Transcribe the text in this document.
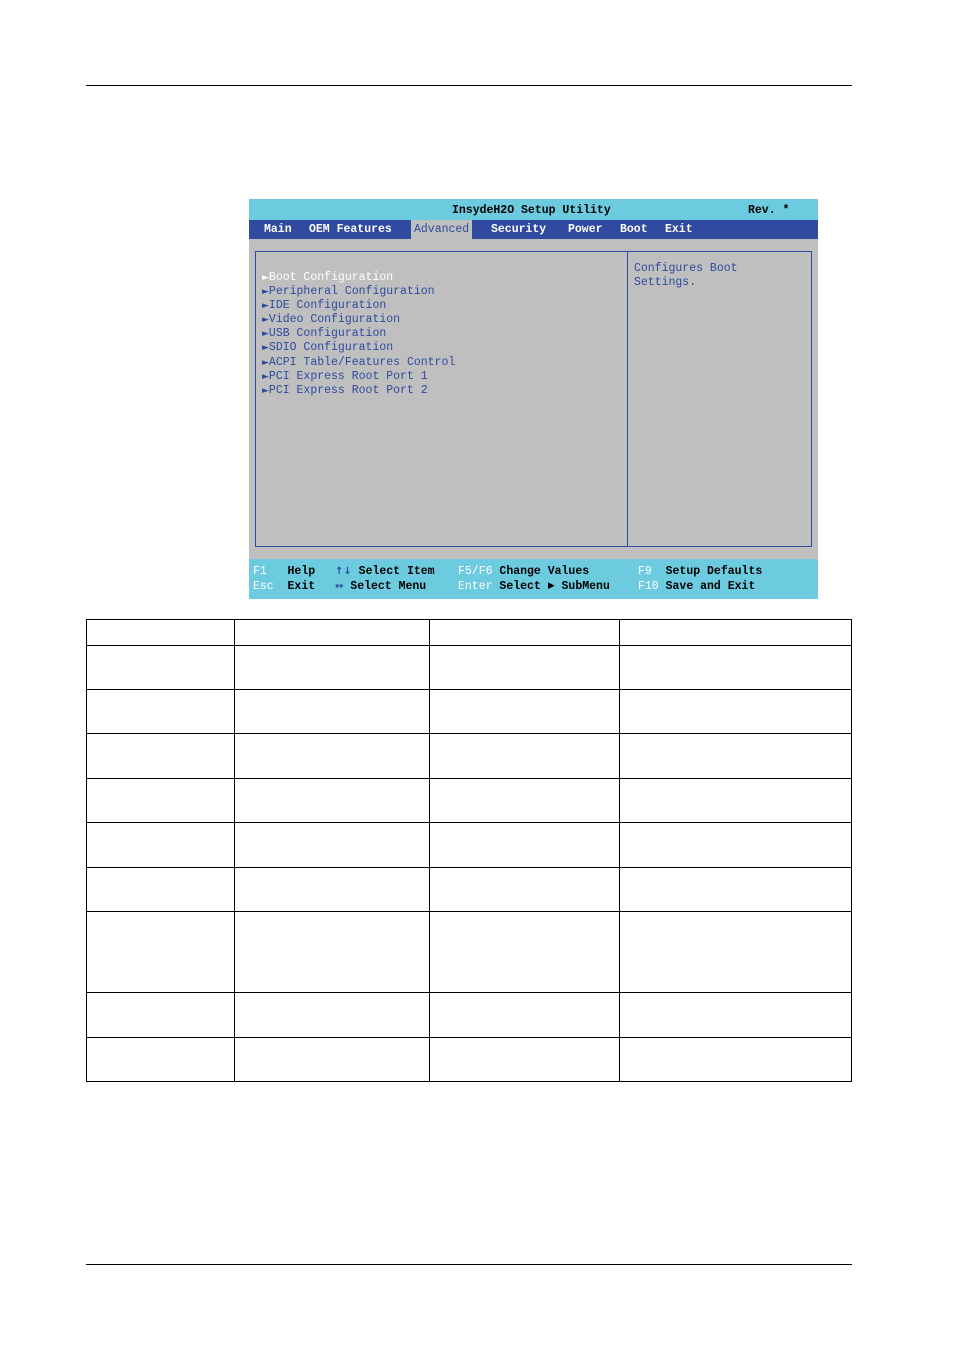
InsydeH2O Setup Utility	Rev. *
Main OEM Features Advanced Security Power Boot Exit
►Boot Configuration
►Peripheral Configuration
►IDE Configuration
►Video Configuration
►USB Configuration
►SDIO Configuration
►ACPI Table/Features Control
►PCI Express Root Port 1
►PCI Express Root Port 2
Configures Boot
Settings.
F1 Help ↑↓ Select Item F5/F6 Change Values	F9 Setup Defaults
Esc Exit ↔ Select Menu	Enter Select ► SubMenu F10 Save and Exit
